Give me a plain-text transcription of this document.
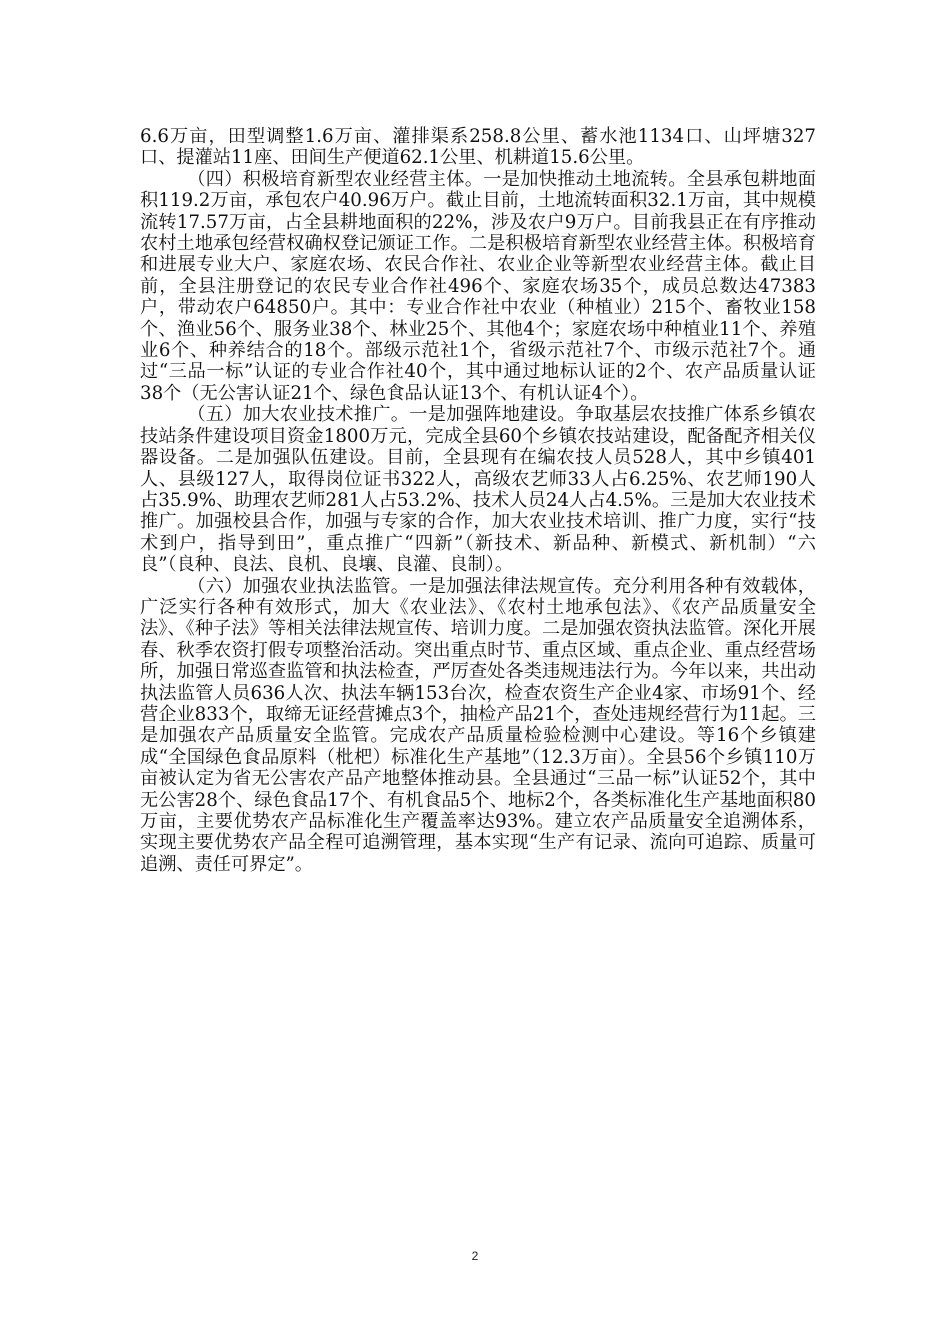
6.6万亩，田型调整1.6万亩、灌排渠系258.8公里、蓄水池1134口、山坪塘327口、提灌站11座、田间生产便道62.1公里、机耕道15.6公里。

（四）积极培育新型农业经营主体。一是加快推动土地流转。全县承包耕地面积119.2万亩，承包农户40.96万户。截止目前，土地流转面积32.1万亩，其中规模流转17.57万亩，占全县耕地面积的22%，涉及农户9万户。目前我县正在有序推动农村土地承包经营权确权登记颁证工作。二是积极培育新型农业经营主体。积极培育和进展专业大户、家庭农场、农民合作社、农业企业等新型农业经营主体。截止目前，全县注册登记的农民专业合作社496个、家庭农场35个，成员总数达47383户，带动农户64850户。其中：专业合作社中农业（种植业）215个、畜牧业158个、渔业56个、服务业38个、林业25个、其他4个；家庭农场中种植业11个、养殖业6个、种养结合的18个。部级示范社1个，省级示范社7个、市级示范社7个。通过“三品一标”认证的专业合作社40个，其中通过地标认证的2个、农产品质量认证38个（无公害认证21个、绿色食品认证13个、有机认证4个）。

（五）加大农业技术推广。一是加强阵地建设。争取基层农技推广体系乡镇农技站条件建设项目资金1800万元，完成全县60个乡镇农技站建设，配备配齐相关仪器设备。二是加强队伍建设。目前，全县现有在编农技人员528人，其中乡镇401人、县级127人，取得岗位证书322人，高级农艺师33人占6.25%、农艺师190人占35.9%、助理农艺师281人占53.2%、技术人员24人占4.5%。三是加大农业技术推广。加强校县合作，加强与专家的合作，加大农业技术培训、推广力度，实行“技术到户，指导到田”，重点推广“四新”（新技术、新品种、新模式、新机制）“六良”（良种、良法、良机、良壤、良灌、良制）。

（六）加强农业执法监管。一是加强法律法规宣传。充分利用各种有效载体，广泛实行各种有效形式，加大《农业法》、《农村土地承包法》、《农产品质量安全法》、《种子法》等相关法律法规宣传、培训力度。二是加强农资执法监管。深化开展春、秋季农资打假专项整治活动。突出重点时节、重点区域、重点企业、重点经营场所，加强日常巡查监管和执法检查，严厉查处各类违规违法行为。今年以来，共出动执法监管人员636人次、执法车辆153台次，检查农资生产企业4家、市场91个、经营企业833个，取缔无证经营摊点3个，抽检产品21个，查处违规经营行为11起。三是加强农产品质量安全监管。完成农产品质量检验检测中心建设。等16个乡镇建成“全国绿色食品原料（枇杷）标准化生产基地”（12.3万亩）。全县56个乡镇110万亩被认定为省无公害农产品产地整体推动县。全县通过“三品一标”认证52个，其中无公害28个、绿色食品17个、有机食品5个、地标2个，各类标准化生产基地面积80万亩，主要优势农产品标准化生产覆盖率达93%。建立农产品质量安全追溯体系，实现主要优势农产品全程可追溯管理，基本实现“生产有记录、流向可追踪、质量可追溯、责任可界定”。

2
